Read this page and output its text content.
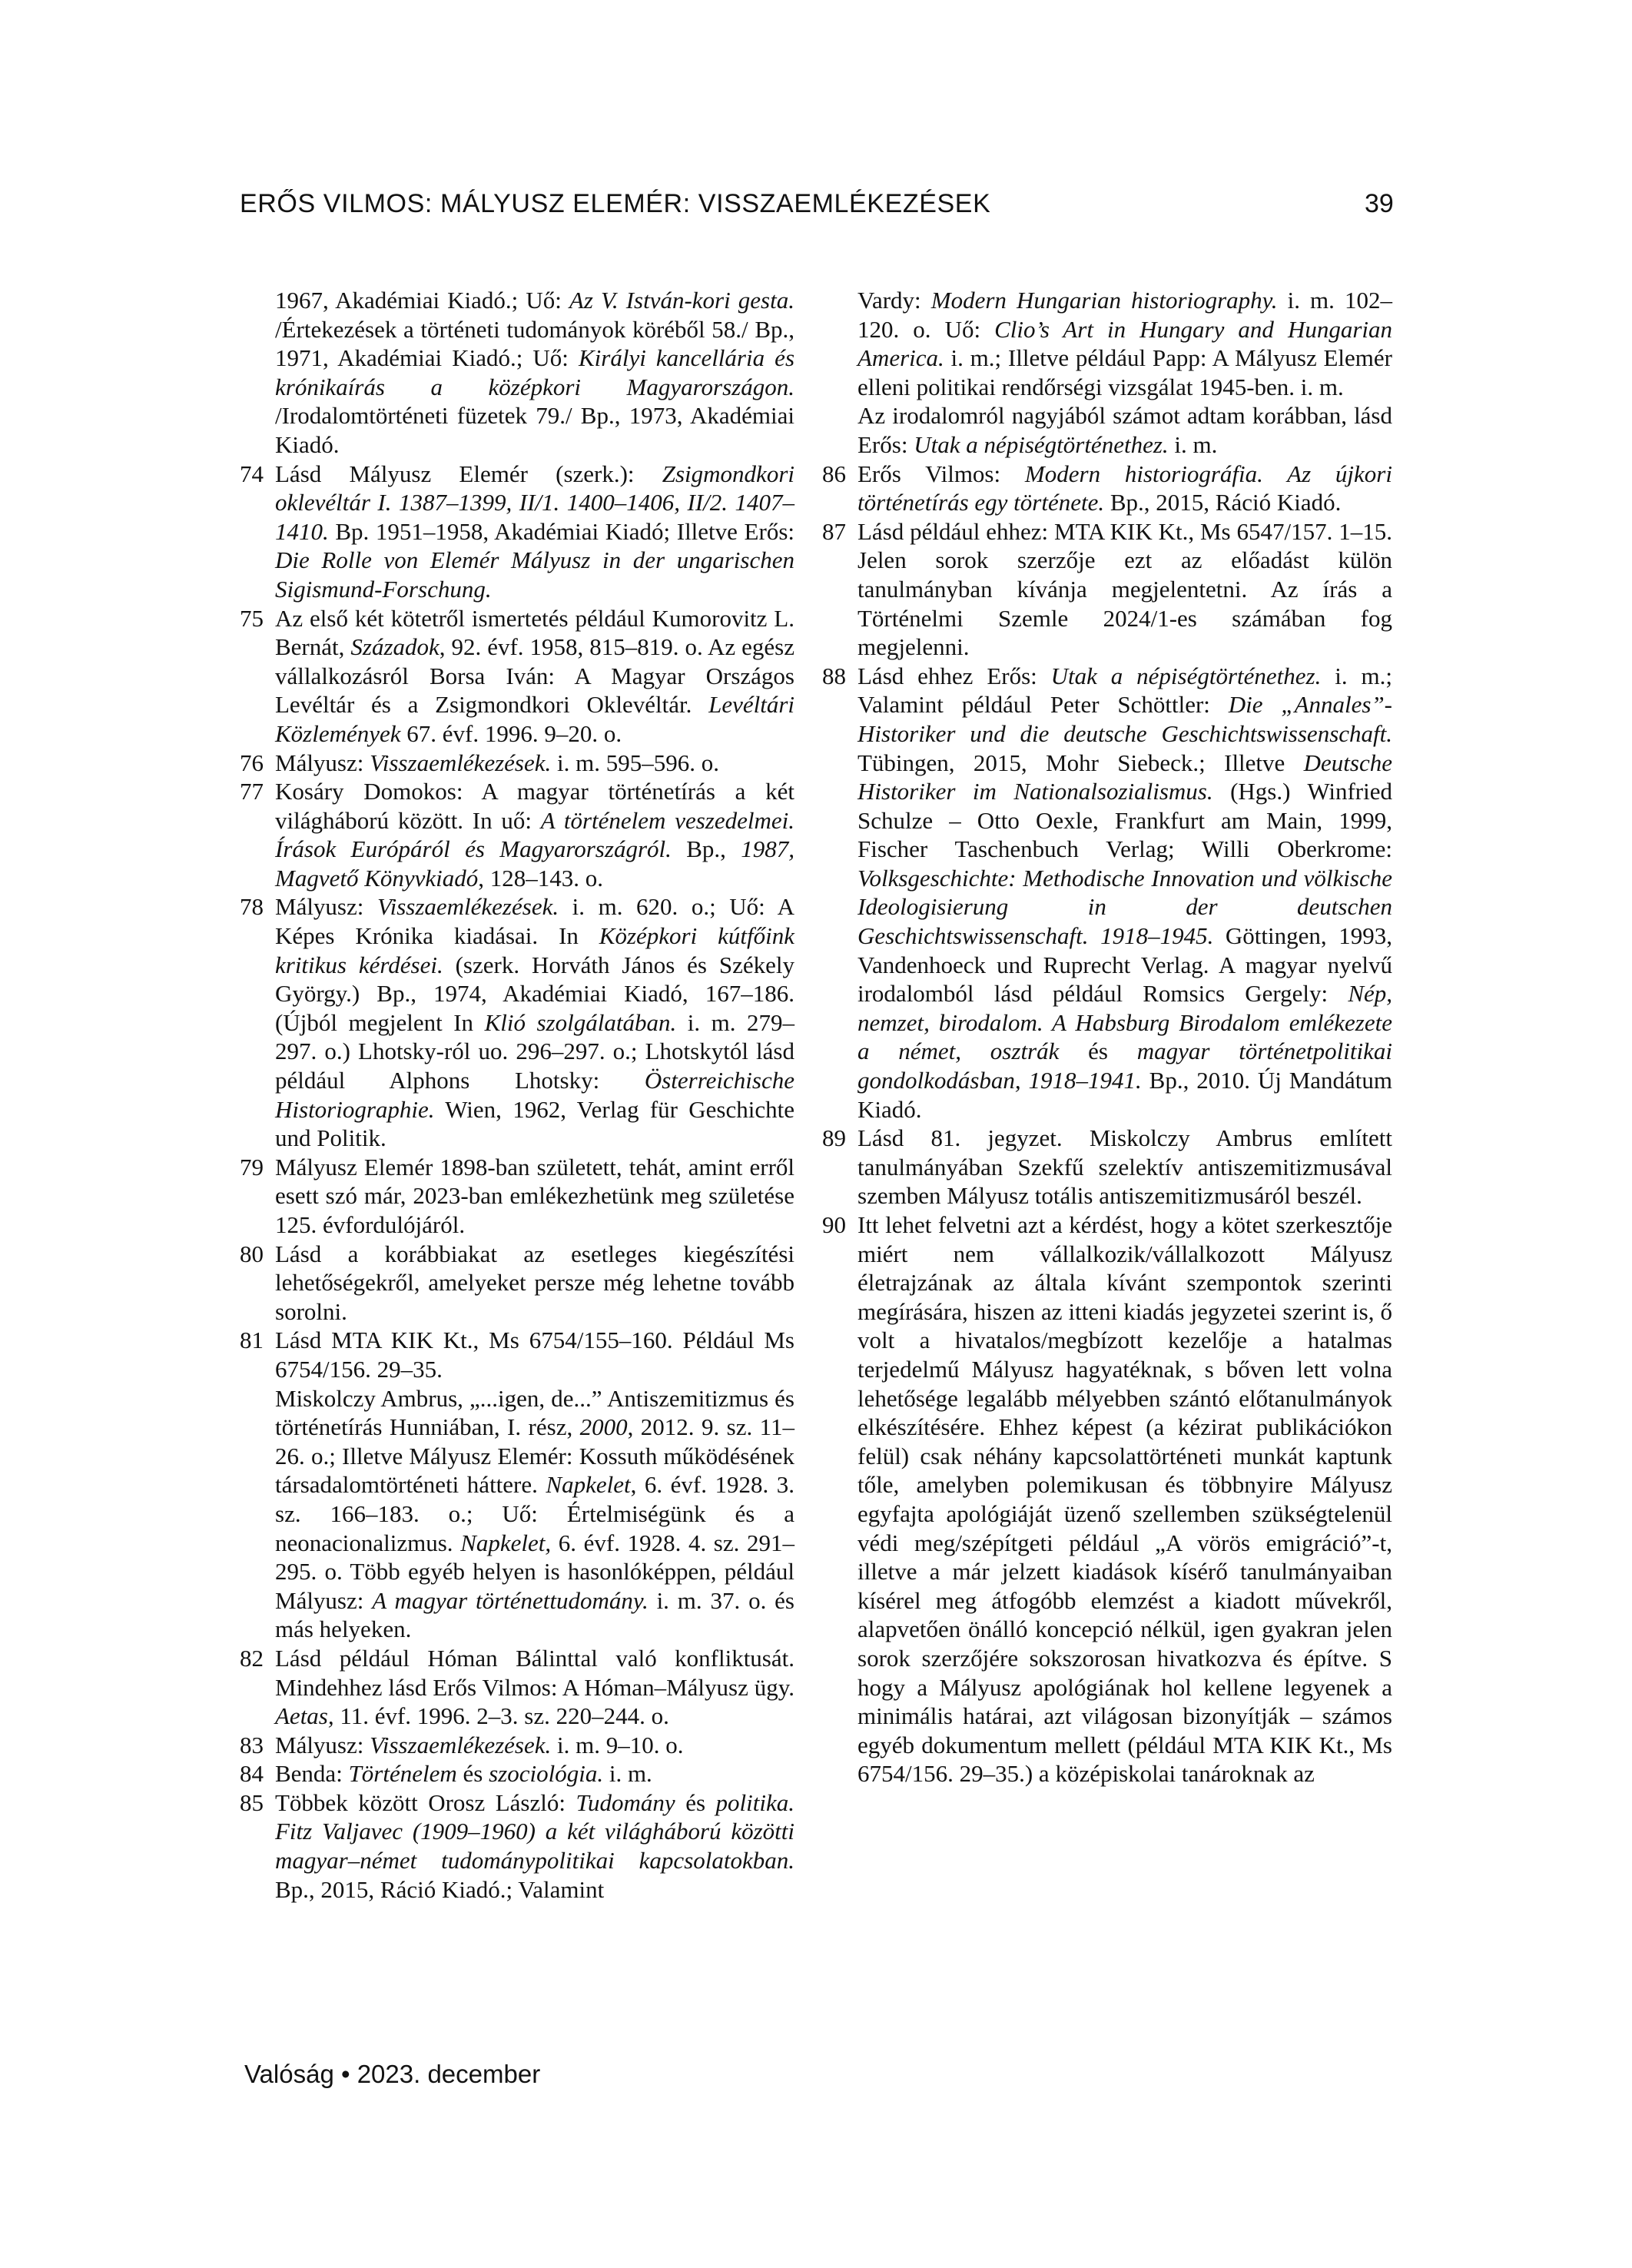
ERŐS VILMOS: MÁLYUSZ ELEMÉR: VISSZAEMLÉKEZÉSEK	39
1967, Akadémiai Kiadó.; Uő: Az V. István-kori gesta. /Értekezések a történeti tudományok köréből 58./ Bp., 1971, Akadémiai Kiadó.; Uő: Királyi kancellária és krónikaírás a középkori Magyarországon. /Irodalomtörténeti füzetek 79./ Bp., 1973, Akadémiai Kiadó.
74 Lásd Mályusz Elemér (szerk.): Zsigmondkori oklevéltár I. 1387–1399, II/1. 1400–1406, II/2. 1407–1410. Bp. 1951–1958, Akadémiai Kiadó; Illetve Erős: Die Rolle von Elemér Mályusz in der ungarischen Sigismund-Forschung.
75 Az első két kötetről ismertetés például Kumorovitz L. Bernát, Századok, 92. évf. 1958, 815–819. o. Az egész vállalkozásról Borsa Iván: A Magyar Országos Levéltár és a Zsigmondkori Oklevéltár. Levéltári Közlemények 67. évf. 1996. 9–20. o.
76 Mályusz: Visszaemlékezések. i. m. 595–596. o.
77 Kosáry Domokos: A magyar történetírás a két világháború között. In uő: A történelem veszedelmei. Írások Európáról és Magyarországról. Bp., 1987, Magvető Könyvkiadó, 128–143. o.
78 Mályusz: Visszaemlékezések. i. m. 620. o.; Uő: A Képes Krónika kiadásai. In Középkori kútfőink kritikus kérdései. (szerk. Horváth János és Székely György.) Bp., 1974, Akadémiai Kiadó, 167–186. (Újból megjelent In Klió szolgálatában. i. m. 279–297. o.) Lhotsky-ról uo. 296–297. o.; Lhotskytól lásd például Alphons Lhotsky: Österreichische Historiographie. Wien, 1962, Verlag für Geschichte und Politik.
79 Mályusz Elemér 1898-ban született, tehát, amint erről esett szó már, 2023-ban emlékezhetünk meg születése 125. évfordulójáról.
80 Lásd a korábbiakat az esetleges kiegészítési lehetőségekről, amelyeket persze még lehetne tovább sorolni.
81 Lásd MTA KIK Kt., Ms 6754/155–160. Például Ms 6754/156. 29–35.
Miskolczy Ambrus, „...igen, de...” Antiszemitizmus és történetírás Hunniában, I. rész, 2000, 2012. 9. sz. 11–26. o.; Illetve Mályusz Elemér: Kossuth működésének társadalomtörténeti háttere. Napkelet, 6. évf. 1928. 3. sz. 166–183. o.; Uő: Értelmiségünk és a neonacionalizmus. Napkelet, 6. évf. 1928. 4. sz. 291–295. o. Több egyéb helyen is hasonlóképpen, például Mályusz: A magyar történettudomány. i. m. 37. o. és más helyeken.
82 Lásd például Hóman Bálinttal való konfliktusát. Mindehhez lásd Erős Vilmos: A Hóman–Mályusz ügy. Aetas, 11. évf. 1996. 2–3. sz. 220–244. o.
83 Mályusz: Visszaemlékezések. i. m. 9–10. o.
84 Benda: Történelem és szociológia. i. m.
85 Többek között Orosz László: Tudomány és politika. Fitz Valjavec (1909–1960) a két világháború közötti magyar–német tudománypolitikai kapcsolatokban. Bp., 2015, Ráció Kiadó.; Valamint
Vardy: Modern Hungarian historiography. i. m. 102–120. o. Uő: Clio’s Art in Hungary and Hungarian America. i. m.; Illetve például Papp: A Mályusz Elemér elleni politikai rendőrségi vizsgálat 1945-ben. i. m.
Az irodalomról nagyjából számot adtam korábban, lásd Erős: Utak a népiségtörténethez. i. m.
86 Erős Vilmos: Modern historiográfia. Az újkori történetírás egy története. Bp., 2015, Ráció Kiadó.
87 Lásd például ehhez: MTA KIK Kt., Ms 6547/157. 1–15. Jelen sorok szerzője ezt az előadást külön tanulmányban kívánja megjelentetni. Az írás a Történelmi Szemle 2024/1-es számában fog megjelenni.
88 Lásd ehhez Erős: Utak a népiségtörténethez. i. m.; Valamint például Peter Schöttler: Die „Annales”-Historiker und die deutsche Geschichtswissenschaft. Tübingen, 2015, Mohr Siebeck.; Illetve Deutsche Historiker im Nationalsozialismus. (Hgs.) Winfried Schulze – Otto Oexle, Frankfurt am Main, 1999, Fischer Taschenbuch Verlag; Willi Oberkrome: Volksgeschichte: Methodische Innovation und völkische Ideologisierung in der deutschen Geschichtswissenschaft. 1918–1945. Göttingen, 1993, Vandenhoeck und Ruprecht Verlag. A magyar nyelvű irodalomból lásd például Romsics Gergely: Nép, nemzet, birodalom. A Habsburg Birodalom emlékezete a német, osztrák és magyar történetpolitikai gondolkodásban, 1918–1941. Bp., 2010. Új Mandátum Kiadó.
89 Lásd 81. jegyzet. Miskolczy Ambrus említett tanulmányában Szekfű szelektív antiszemitizmusával szemben Mályusz totális antiszemitizmusáról beszél.
90 Itt lehet felvetni azt a kérdést, hogy a kötet szerkesztője miért nem vállalkozik/vállalkozott Mályusz életrajzának az általa kívánt szempontok szerinti megírására, hiszen az itteni kiadás jegyzetei szerint is, ő volt a hivatalos/megbízott kezelője a hatalmas terjedelmű Mályusz hagyatéknak, s bőven lett volna lehetősége legalább mélyebben szántó előtanulmányok elkészítésére. Ehhez képest (a kézirat publikációkon felül) csak néhány kapcsolattörténeti munkát kaptunk tőle, amelyben polemikusan és többnyire Mályusz egyfajta apológiáját üzenő szellemben szükségtelenül védi meg/szépítgeti például „A vörös emigráció”-t, illetve a már jelzett kiadások kísérő tanulmányaiban kísérel meg átfogóbb elemzést a kiadott művekről, alapvetően önálló koncepció nélkül, igen gyakran jelen sorok szerzőjére sokszorosan hivatkozva és építve. S hogy a Mályusz apológiának hol kellene legyenek a minimális határai, azt világosan bizonyítják – számos egyéb dokumentum mellett (például MTA KIK Kt., Ms 6754/156. 29–35.) a középiskolai tanároknak az
Valóság • 2023. december
